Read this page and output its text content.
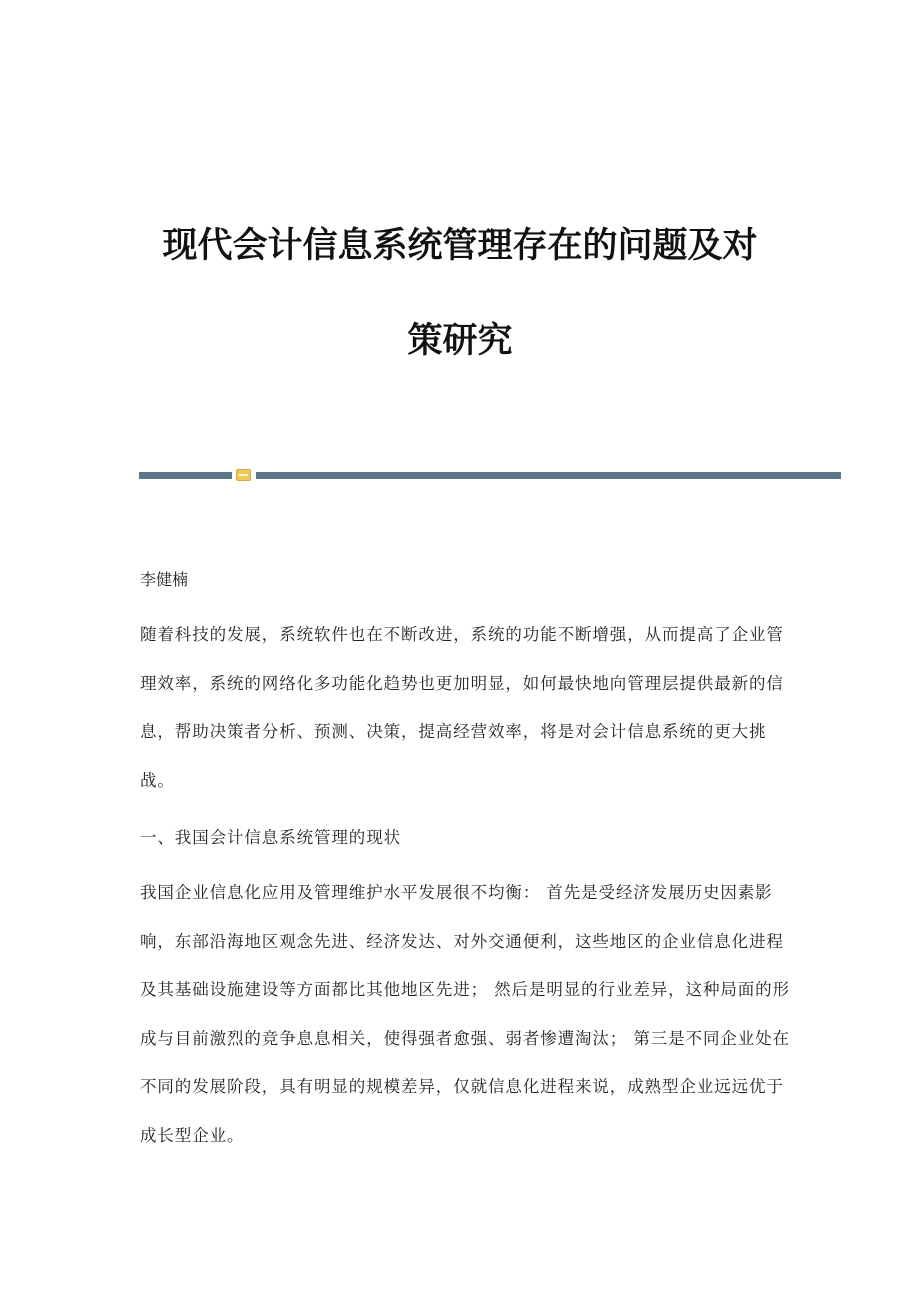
现代会计信息系统管理存在的问题及对
策研究
李健楠

随着科技的发展，系统软件也在不断改进，系统的功能不断增强，从而提高了企业管理效率，系统的网络化多功能化趋势也更加明显，如何最快地向管理层提供最新的信息，帮助决策者分析、预测、决策，提高经营效率，将是对会计信息系统的更大挑战。

一、我国会计信息系统管理的现状

我国企业信息化应用及管理维护水平发展很不均衡： 首先是受经济发展历史因素影响，东部沿海地区观念先进、经济发达、对外交通便利，这些地区的企业信息化进程及其基础设施建设等方面都比其他地区先进； 然后是明显的行业差异，这种局面的形成与目前激烈的竞争息息相关，使得强者愈强、弱者惨遭淘汰； 第三是不同企业处在不同的发展阶段，具有明显的规模差异，仅就信息化进程来说，成熟型企业远远优于成长型企业。
